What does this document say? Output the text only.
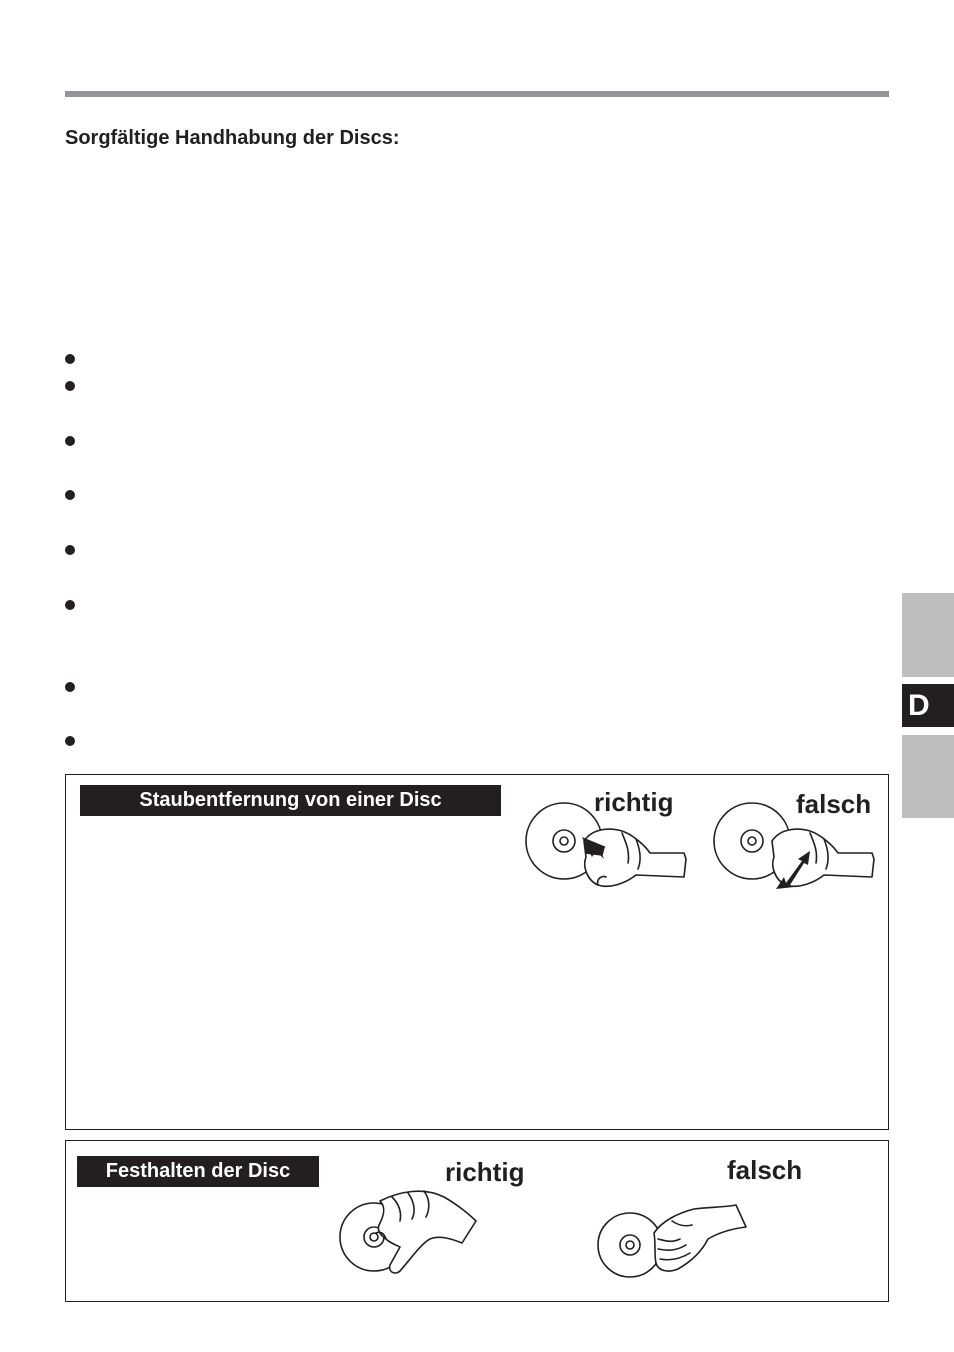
Sorgfältige Handhabung der Discs:
D
Staubentfernung von einer Disc	richtig	falsch
Festhalten der Disc	richtig	falsch
